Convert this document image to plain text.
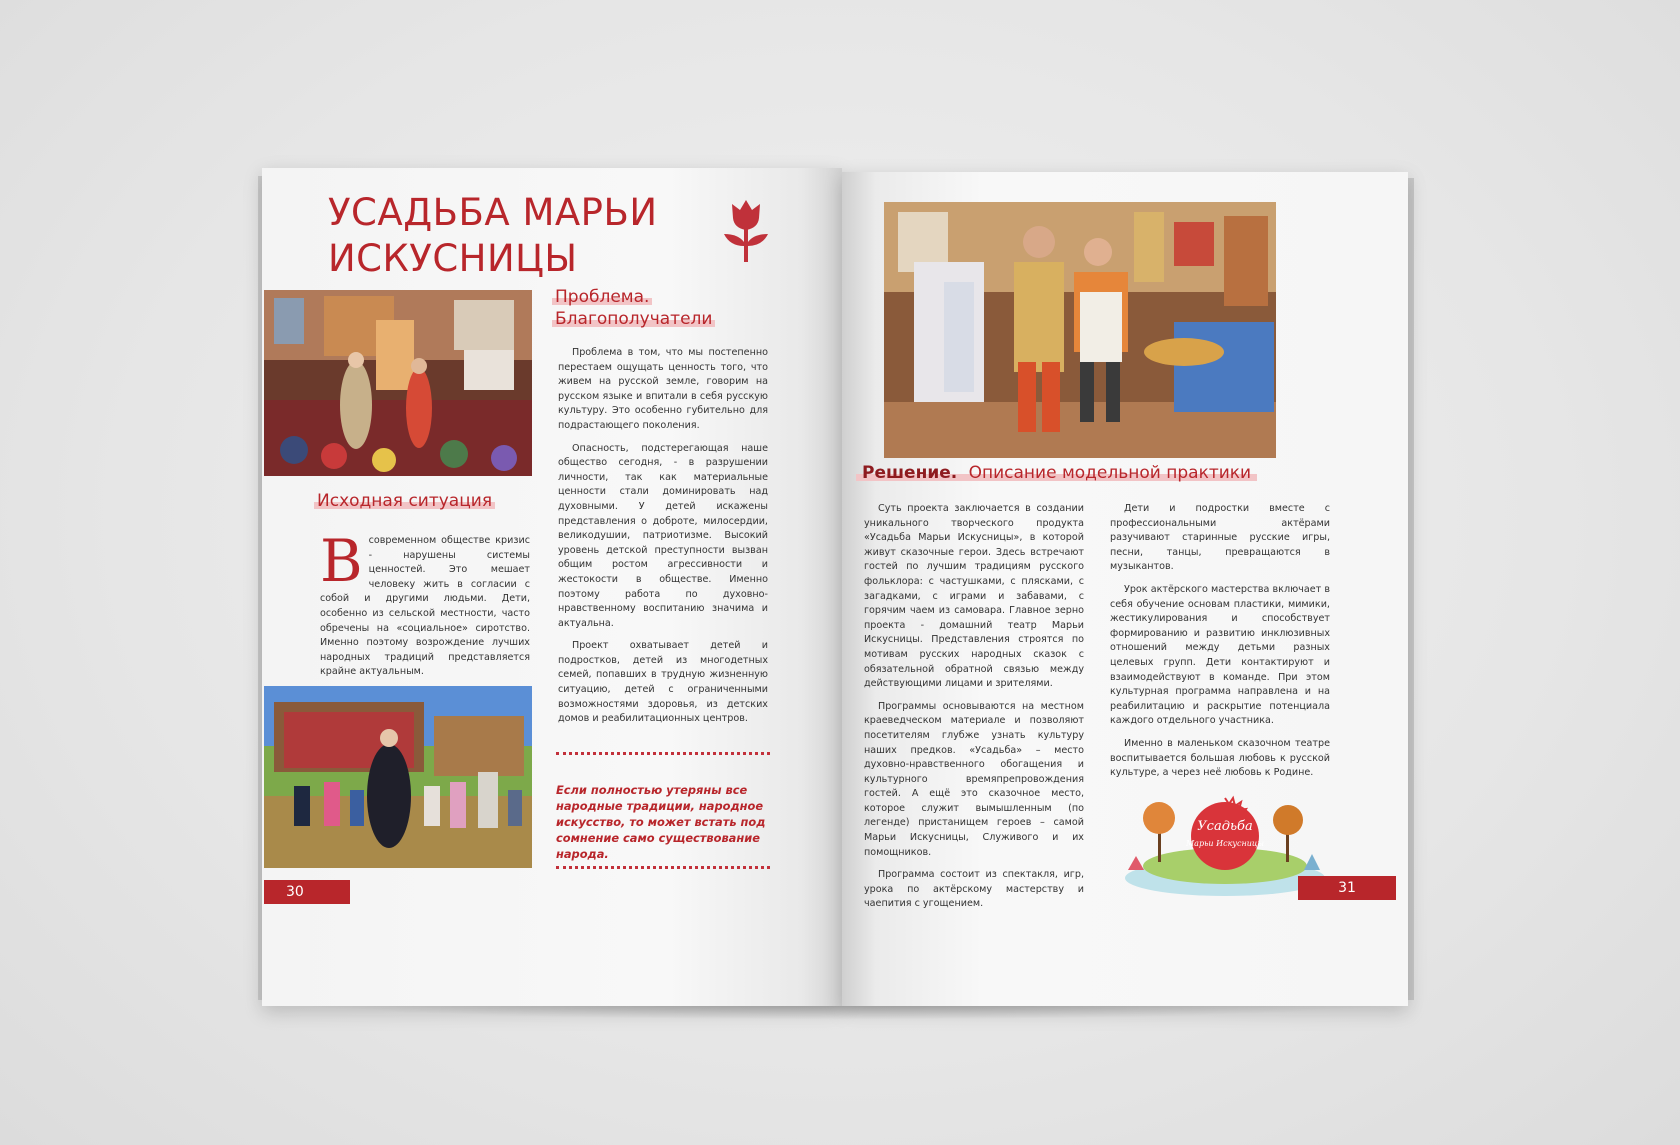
УСАДЬБА МАРЬИ
ИСКУСНИЦЫ
Исходная ситуация

Всовременном обществе кризис - нарушены системы ценностей. Это мешает человеку жить в согласии с собой и другими людьми. Дети, особенно из сельской местности, часто обречены на «социальное» сиротство. Именно поэтому возрождение лучших народных традиций представляется крайне актуальным.

30
Проблема.
Благополучатели

Проблема в том, что мы постепенно перестаем ощущать ценность того, что живем на русской земле, говорим на русском языке и впитали в себя русскую культуру. Это особенно губительно для подрастающего поколения.

Опасность, подстерегающая наше общество сегодня, - в разрушении личности, так как материальные ценности стали доминировать над духовными. У детей искажены представления о доброте, милосердии, великодушии, патриотизме. Высокий уровень детской преступности вызван общим ростом агрессивности и жестокости в обществе. Именно поэтому работа по духовно-нравственному воспитанию значима и актуальна.

Проект охватывает детей и подростков, детей из многодетных семей, попавших в трудную жизненную ситуацию, детей с ограниченными возможностями здоровья, из детских домов и реабилитационных центров.

Если полностью утеряны все народные традиции, народное искусство, то может встать под сомнение само существование народа.
Решение. Описание модельной практики

Суть проекта заключается в создании уникального творческого продукта «Усадьба Марьи Искусницы», в которой живут сказочные герои. Здесь встречают гостей по лучшим традициям русского фольклора: с частушками, с плясками, с загадками, с играми и забавами, с горячим чаем из самовара. Главное зерно проекта - домашний театр Марьи Искусницы. Представления строятся по мотивам русских народных сказок с обязательной обратной связью между действующими лицами и зрителями.

Программы основываются на местном краеведческом материале и позволяют посетителям глубже узнать культуру наших предков. «Усадьба» – место духовно-нравственного обогащения и культурного времяпрепровождения гостей. А ещё это сказочное место, которое служит вымышленным (по легенде) пристанищем героев – самой Марьи Искусницы, Служивого и их помощников.

Программа состоит из спектакля, игр, урока по актёрскому мастерству и чаепития с угощением.

Дети и подростки вместе с профессиональными актёрами разучивают старинные русские игры, песни, танцы, превращаются в музыкантов.

Урок актёрского мастерства включает в себя обучение основам пластики, мимики, жестикулирования и способствует формированию и развитию инклюзивных отношений между детьми разных целевых групп. Дети контактируют и взаимодействуют в команде. При этом культурная программа направлена и на реабилитацию и раскрытие потенциала каждого отдельного участника.

Именно в маленьком сказочном театре воспитывается большая любовь к русской культуре, а через неё любовь к Родине.

Усадьба
Марьи Искусницы
31
